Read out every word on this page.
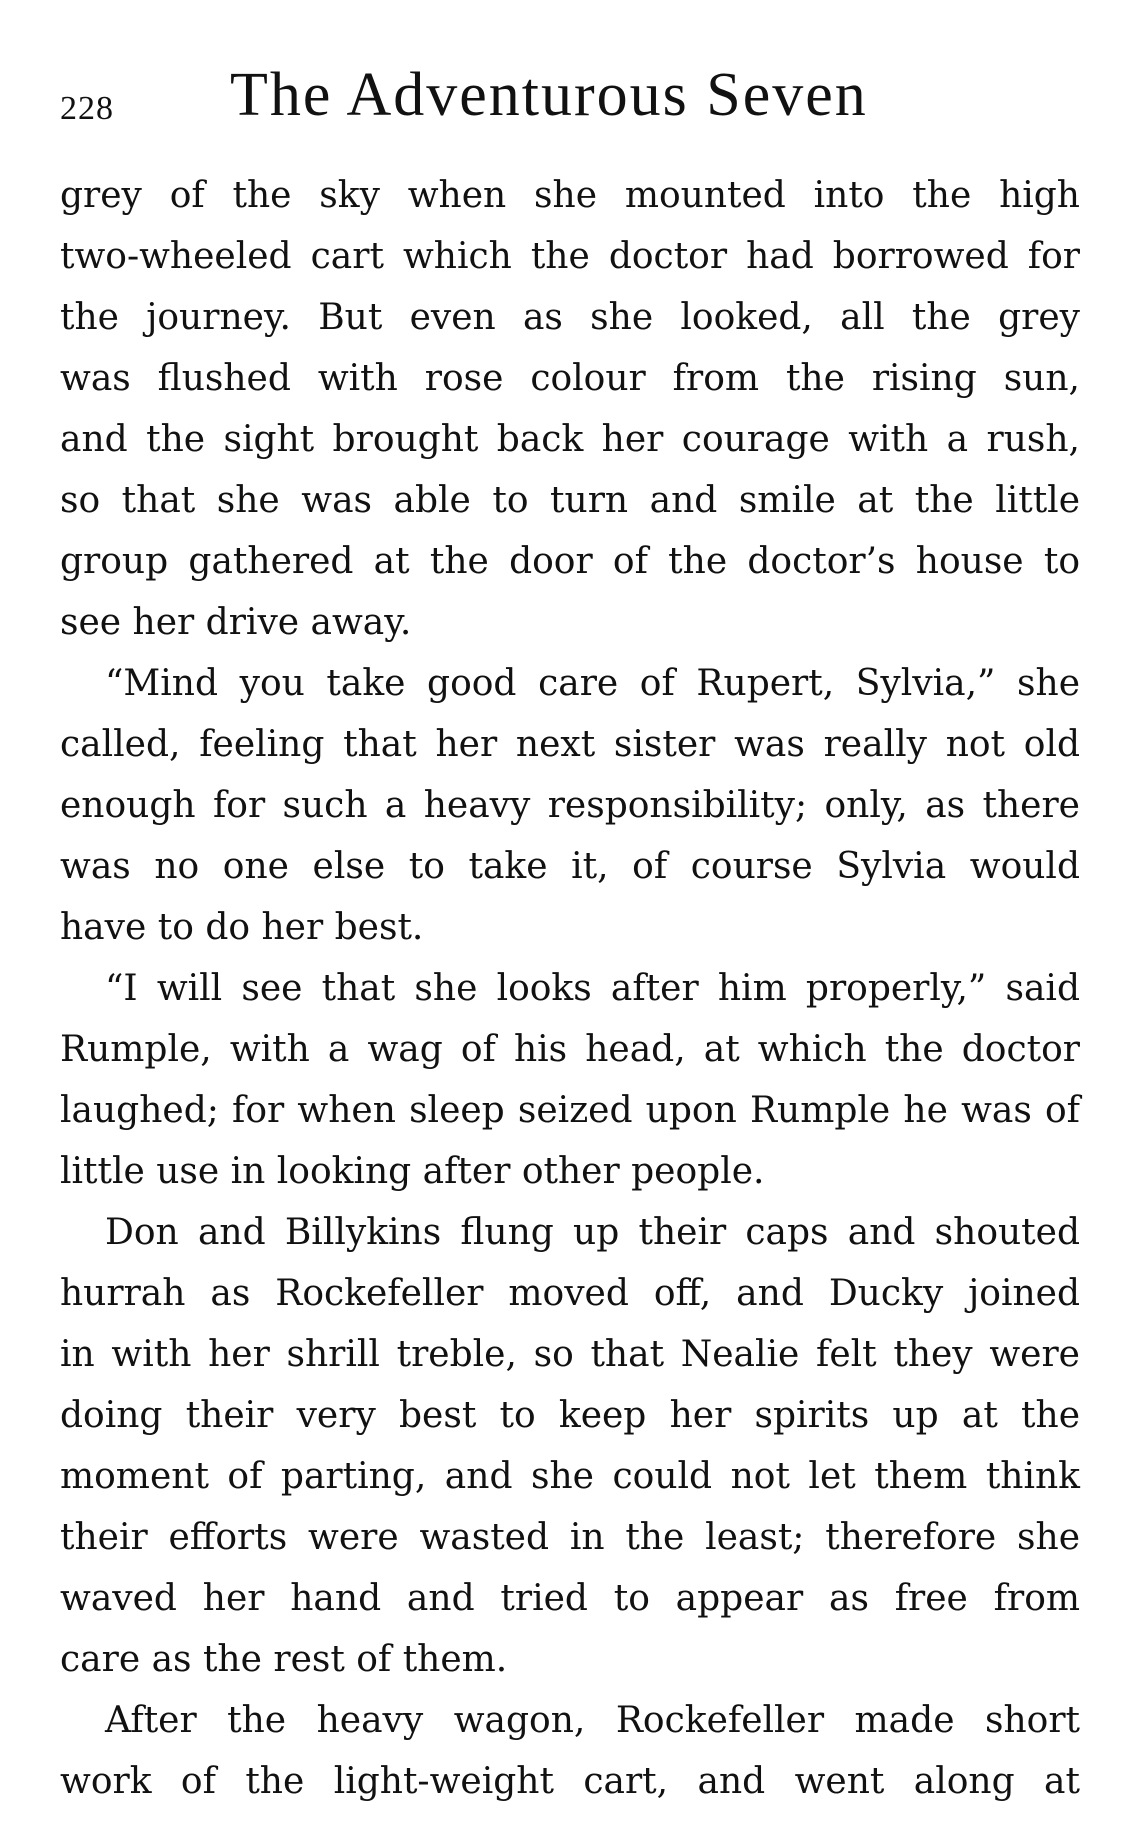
228 The Adventurous Seven
grey of the sky when she mounted into the high
two-wheeled cart which the doctor had borrowed for
the journey. But even as she looked, all the grey
was flushed with rose colour from the rising sun,
and the sight brought back her courage with a rush,
so that she was able to turn and smile at the little
group gathered at the door of the doctor’s house to
see her drive away.
“Mind you take good care of Rupert, Sylvia,” she
called, feeling that her next sister was really not old
enough for such a heavy responsibility; only, as there
was no one else to take it, of course Sylvia would
have to do her best.
“I will see that she looks after him properly,” said
Rumple, with a wag of his head, at which the doctor
laughed; for when sleep seized upon Rumple he was of
little use in looking after other people.
Don and Billykins flung up their caps and shouted
hurrah as Rockefeller moved off, and Ducky joined
in with her shrill treble, so that Nealie felt they were
doing their very best to keep her spirits up at the
moment of parting, and she could not let them think
their efforts were wasted in the least; therefore she
waved her hand and tried to appear as free from
care as the rest of them.
After the heavy wagon, Rockefeller made short
work of the light-weight cart, and went along at
